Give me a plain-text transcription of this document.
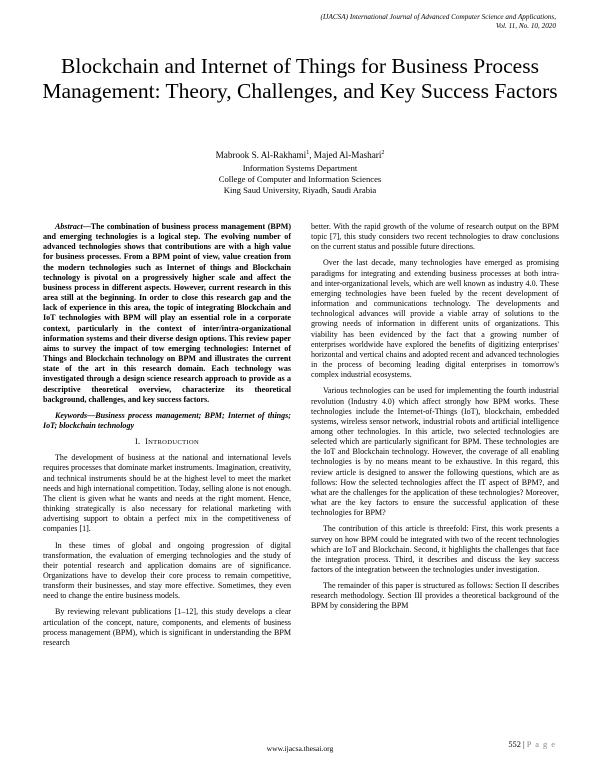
(IJACSA) International Journal of Advanced Computer Science and Applications,
Vol. 11, No. 10, 2020
Blockchain and Internet of Things for Business Process Management: Theory, Challenges, and Key Success Factors
Mabrook S. Al-Rakhami$^1$, Majed Al-Mashari$^2$
Information Systems Department
College of Computer and Information Sciences
King Saud University, Riyadh, Saudi Arabia

Abstract—The combination of business process management (BPM) and emerging technologies is a logical step. The evolving number of advanced technologies shows that contributions are with a high value for business processes. From a BPM point of view, value creation from the modern technologies such as Internet of things and Blockchain technology is pivotal on a progressively higher scale and affect the business process in different aspects. However, current research in this area still at the beginning. In order to close this research gap and the lack of experience in this area, the topic of integrating Blockchain and IoT technologies with BPM will play an essential role in a corporate context, particularly in the context of inter/intra-organizational information systems and their diverse design options. This review paper aims to survey the impact of tow emerging technologies: Internet of Things and Blockchain technology on BPM and illustrates the current state of the art in this research domain. Each technology was investigated through a design science research approach to provide as a descriptive theoretical overview, characterize its theoretical background, challenges, and key success factors.

Keywords—Business process management; BPM; Internet of things; IoT; blockchain technology

I. INTRODUCTION

The development of business at the national and international levels requires processes that dominate market instruments. Imagination, creativity, and technical instruments should be at the highest level to meet the market needs and high international competition. Today, selling alone is not enough. The client is given what he wants and needs at the right moment. Hence, thinking strategically is also necessary for relational marketing with advertising support to obtain a perfect mix in the competitiveness of companies [1].

In these times of global and ongoing progression of digital transformation, the evaluation of emerging technologies and the study of their potential research and application domains are of significance. Organizations have to develop their core process to remain competitive, transform their businesses, and stay more effective. Sometimes, they even need to change the entire business models.

By reviewing relevant publications [1–12], this study develops a clear articulation of the concept, nature, components, and elements of business process management (BPM), which is significant in understanding the BPM research

better. With the rapid growth of the volume of research output on the BPM topic [7], this study considers two recent technologies to draw conclusions on the current status and possible future directions.

Over the last decade, many technologies have emerged as promising paradigms for integrating and extending business processes at both intra- and inter-organizational levels, which are well known as industry 4.0. These emerging technologies have been fueled by the recent development of information and communications technology. The developments and technological advances will provide a viable array of solutions to the growing needs of information in different units of organizations. This viability has been evidenced by the fact that a growing number of enterprises worldwide have explored the benefits of digitizing enterprises' horizontal and vertical chains and adopted recent and advanced technologies in the process of becoming leading digital enterprises in tomorrow's complex industrial ecosystems.

Various technologies can be used for implementing the fourth industrial revolution (Industry 4.0) which affect strongly how BPM works. These technologies include the Internet-of-Things (IoT), blockchain, embedded systems, wireless sensor network, industrial robots and artificial intelligence among other technologies. In this article, two selected technologies are selected which are particularly significant for BPM. These technologies are the IoT and Blockchain technology. However, the coverage of all enabling technologies is by no means meant to be exhaustive. In this regard, this review article is designed to answer the following questions, which are as follows: How the selected technologies affect the IT aspect of BPM?, and what are the challenges for the application of these technologies? Moreover, what are the key factors to ensure the successful application of these technologies for BPM?

The contribution of this article is threefold: First, this work presents a survey on how BPM could be integrated with two of the recent technologies which are IoT and Blockchain. Second, it highlights the challenges that face the integration process. Third, it describes and discuss the key success factors of the integration between the technologies under investigation.

The remainder of this paper is structured as follows: Section II describes research methodology. Section III provides a theoretical background of the BPM by considering the BPM

www.ijacsa.thesai.org	552 | P a g e
